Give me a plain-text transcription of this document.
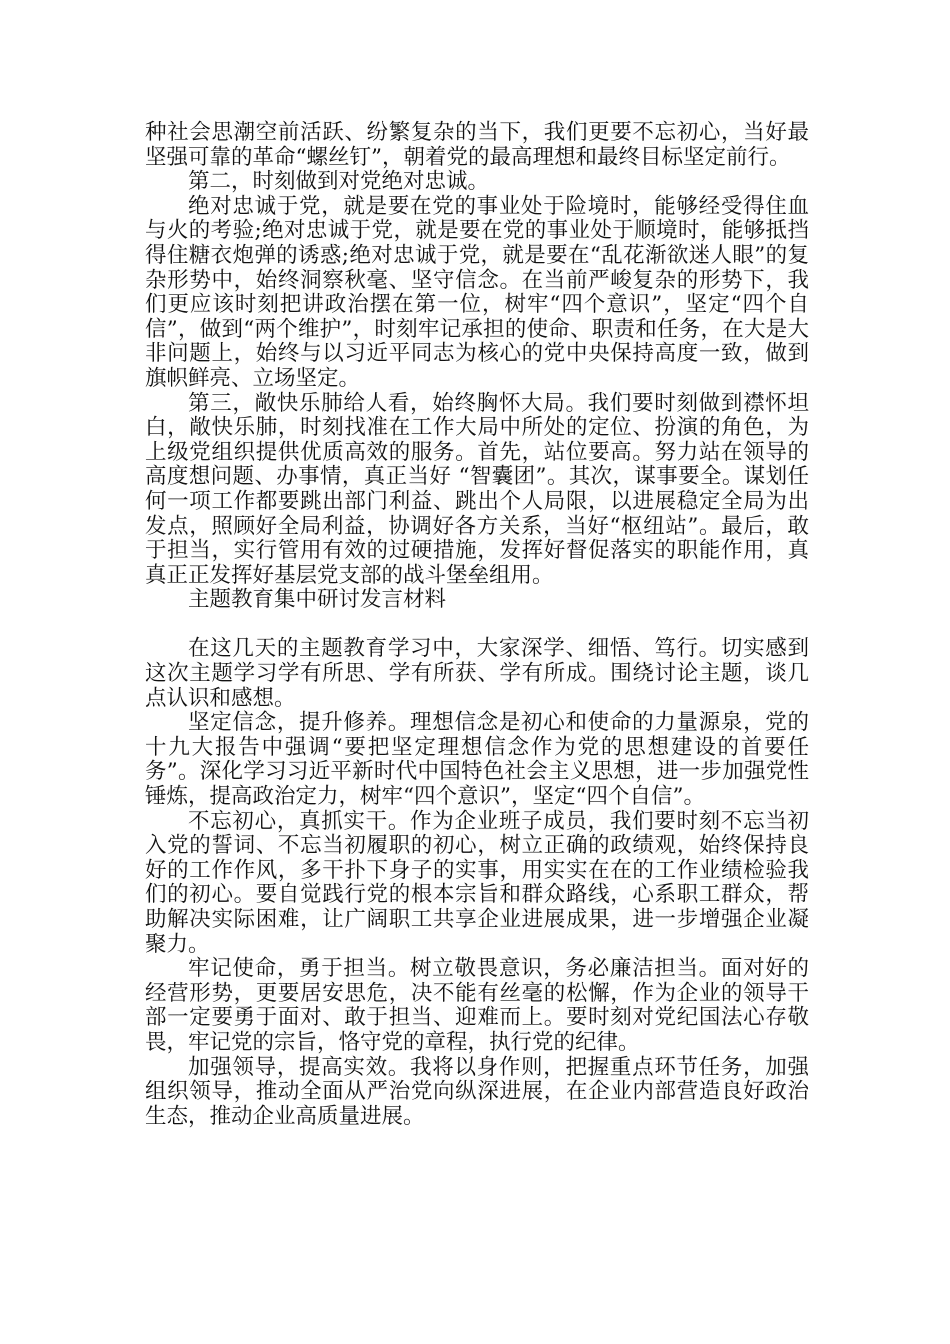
种社会思潮空前活跃、纷繁复杂的当下，我们更要不忘初心，当好最坚强可靠的革命“螺丝钉”，朝着党的最高理想和最终目标坚定前行。

第二，时刻做到对党绝对忠诚。

绝对忠诚于党，就是要在党的事业处于险境时，能够经受得住血与火的考验;绝对忠诚于党，就是要在党的事业处于顺境时，能够抵挡得住糖衣炮弹的诱惑;绝对忠诚于党，就是要在“乱花渐欲迷人眼”的复杂形势中，始终洞察秋毫、坚守信念。在当前严峻复杂的形势下，我们更应该时刻把讲政治摆在第一位，树牢“四个意识”，坚定“四个自信”，做到“两个维护”，时刻牢记承担的使命、职责和任务，在大是大非问题上，始终与以习近平同志为核心的党中央保持高度一致，做到旗帜鲜亮、立场坚定。

第三，敞快乐肺给人看，始终胸怀大局。我们要时刻做到襟怀坦白，敞快乐肺，时刻找准在工作大局中所处的定位、扮演的角色，为上级党组织提供优质高效的服务。首先，站位要高。努力站在领导的高度想问题、办事情，真正当好 “智囊团”。其次，谋事要全。谋划任何一项工作都要跳出部门利益、跳出个人局限，以进展稳定全局为出发点，照顾好全局利益，协调好各方关系，当好“枢纽站”。最后，敢于担当，实行管用有效的过硬措施，发挥好督促落实的职能作用，真真正正发挥好基层党支部的战斗堡垒组用。

主题教育集中研讨发言材料

在这几天的主题教育学习中，大家深学、细悟、笃行。切实感到这次主题学习学有所思、学有所获、学有所成。围绕讨论主题，谈几点认识和感想。

坚定信念，提升修养。理想信念是初心和使命的力量源泉，党的十九大报告中强调“要把坚定理想信念作为党的思想建设的首要任务”。深化学习习近平新时代中国特色社会主义思想，进一步加强党性锤炼，提高政治定力，树牢“四个意识”，坚定“四个自信”。

不忘初心，真抓实干。作为企业班子成员，我们要时刻不忘当初入党的誓词、不忘当初履职的初心，树立正确的政绩观，始终保持良好的工作作风，多干扑下身子的实事，用实实在在的工作业绩检验我们的初心。要自觉践行党的根本宗旨和群众路线，心系职工群众，帮助解决实际困难，让广阔职工共享企业进展成果，进一步增强企业凝聚力。

牢记使命，勇于担当。树立敬畏意识，务必廉洁担当。面对好的经营形势，更要居安思危，决不能有丝毫的松懈，作为企业的领导干部一定要勇于面对、敢于担当、迎难而上。要时刻对党纪国法心存敬畏，牢记党的宗旨，恪守党的章程，执行党的纪律。

加强领导，提高实效。我将以身作则，把握重点环节任务，加强组织领导，推动全面从严治党向纵深进展，在企业内部营造良好政治生态，推动企业高质量进展。
